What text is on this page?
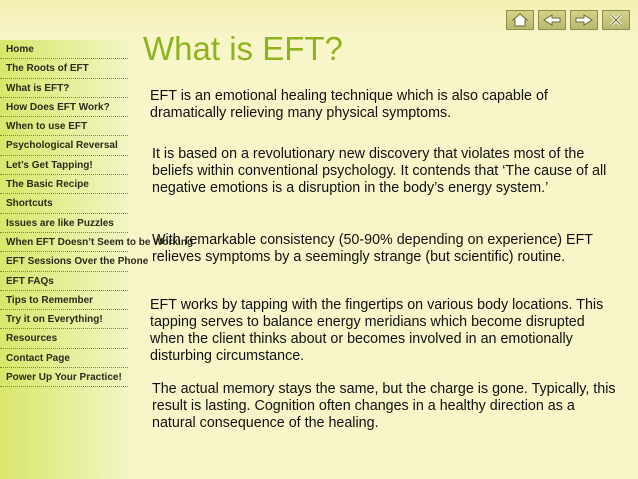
Home
The Roots of EFT
What is EFT?
How Does EFT Work?
When to use EFT
Psychological Reversal
Let’s Get Tapping!
The Basic Recipe
Shortcuts
Issues are like Puzzles
When EFT Doesn’t Seem to be Working
EFT Sessions Over the Phone
EFT FAQs
Tips to Remember
Try it on Everything!
Resources
Contact Page
Power Up Your Practice!
What is EFT?

EFT is an emotional healing technique which is also capable of dramatically relieving many physical symptoms.

It is based on a revolutionary new discovery that violates most of the beliefs within conventional psychology. It contends that ‘The cause of all negative emotions is a disruption in the body’s energy system.’

With remarkable consistency (50-90% depending on experience) EFT relieves symptoms by a seemingly strange (but scientific) routine.

EFT works by tapping with the fingertips on various body locations. This tapping serves to balance energy meridians which become disrupted when the client thinks about or becomes involved in an emotionally disturbing circumstance.

The actual memory stays the same, but the charge is gone. Typically, this result is lasting. Cognition often changes in a healthy direction as a natural consequence of the healing.
